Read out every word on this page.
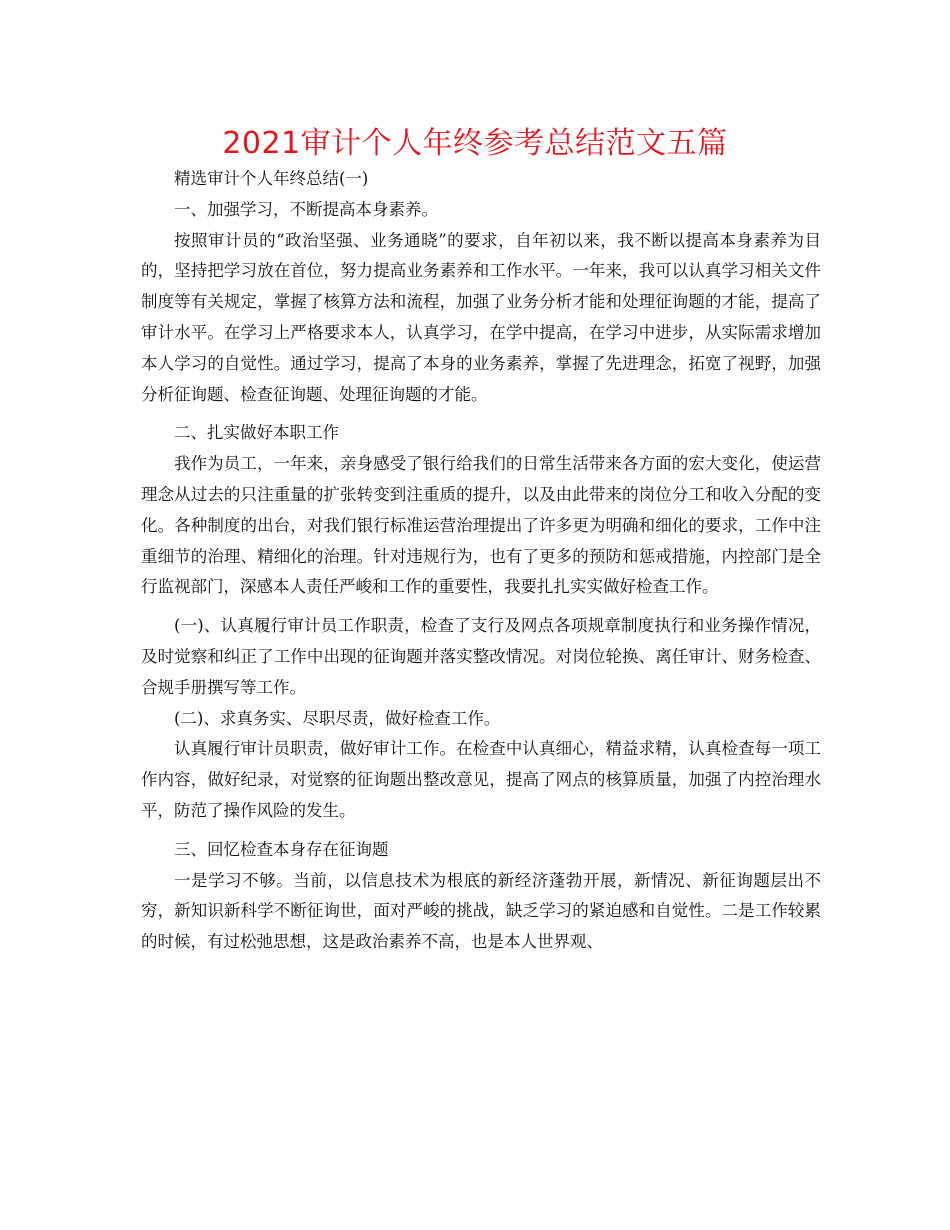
2021审计个人年终参考总结范文五篇

精选审计个人年终总结(一)

一、加强学习，不断提高本身素养。

按照审计员的“政治坚强、业务通晓”的要求，自年初以来，我不断以提高本身素养为目的，坚持把学习放在首位，努力提高业务素养和工作水平。一年来，我可以认真学习相关文件制度等有关规定，掌握了核算方法和流程，加强了业务分析才能和处理征询题的才能，提高了审计水平。在学习上严格要求本人，认真学习，在学中提高，在学习中进步，从实际需求增加本人学习的自觉性。通过学习，提高了本身的业务素养，掌握了先进理念，拓宽了视野，加强分析征询题、检查征询题、处理征询题的才能。

二、扎实做好本职工作

我作为员工，一年来，亲身感受了银行给我们的日常生活带来各方面的宏大变化，使运营理念从过去的只注重量的扩张转变到注重质的提升，以及由此带来的岗位分工和收入分配的变化。各种制度的出台，对我们银行标准运营治理提出了许多更为明确和细化的要求，工作中注重细节的治理、精细化的治理。针对违规行为，也有了更多的预防和惩戒措施，内控部门是全行监视部门，深感本人责任严峻和工作的重要性，我要扎扎实实做好检查工作。

(一)、认真履行审计员工作职责，检查了支行及网点各项规章制度执行和业务操作情况，及时觉察和纠正了工作中出现的征询题并落实整改情况。对岗位轮换、离任审计、财务检查、合规手册撰写等工作。

(二)、求真务实、尽职尽责，做好检查工作。

认真履行审计员职责，做好审计工作。在检查中认真细心，精益求精，认真检查每一项工作内容，做好纪录，对觉察的征询题出整改意见，提高了网点的核算质量，加强了内控治理水平，防范了操作风险的发生。

三、回忆检查本身存在征询题

一是学习不够。当前，以信息技术为根底的新经济蓬勃开展，新情况、新征询题层出不穷，新知识新科学不断征询世，面对严峻的挑战，缺乏学习的紧迫感和自觉性。二是工作较累的时候，有过松弛思想，这是政治素养不高，也是本人世界观、
